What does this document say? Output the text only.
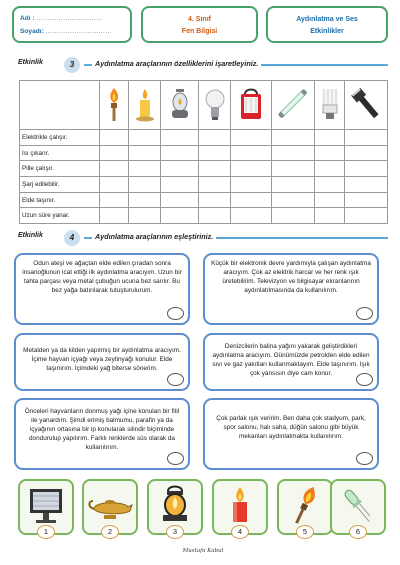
Adı : …………………………
Soyadı: …………………………
4. Sınıf
Fen Bilgisi
Aydınlatma ve Ses
Etkinlikler
Etkinlik	3	Aydınlatma araçlarının özelliklerini işaretleyiniz.

Elektrikle çalışır.								
Isı çıkarır.								
Pille çalışır.								
Şarj edilebilir.								
Elde taşınır.								
Uzun süre yanar.								
Etkinlik	4	Aydınlatma araçlarının eşleştiriniz.
Odun ateşi ve ağaçtan elde edilen çıradan sonra insanoğlunun icat ettiği ilk aydınlatma aracıyım. Uzun bir tahta parçası veya metal çubuğun ucuna bez sarılır. Bu bez yağa batırılarak tutuşturulurum.
Küçük bir elektronik devre yardımıyla çalışan aydınlatma aracıyım. Çok az elektrik harcar ve her renk ışık üretebilirim. Televizyon ve bilgisayar ekranlarının aydınlatılmasında da kullanılırım.
Metalden ya da kilden yapılmış bir aydınlatma aracıyım. İçime hayvan içyağı veya zeytinyağı konulur. Elde taşınırım. İçimdeki yağ biterse sönerim.
Denizcilerin balina yağını yakarak geliştirdikleri aydınlatma aracıyım. Günümüzde petrolden elde edilen sıvı ve gaz yakıtları kullanmaktayım. Elde taşınırım. Işık çok yansısın diye cam konur.
Önceleri hayvanların donmuş yağı içine konulan bir fitil ile yanardım. Şimdi erimiş balmumu, parafin ya da içyağının ortasına bir ip konularak silindir biçiminde dondurulup yapılırım. Farklı renklerde süs olarak da kullanılırım.
Çok parlak ışık veririm. Ben daha çok stadyum, park, spor salonu, halı saha, düğün salonu gibi büyük mekanları aydınlatmakta kullanılırım.
1	2	3	4	5	6
Mustafa Kabul
